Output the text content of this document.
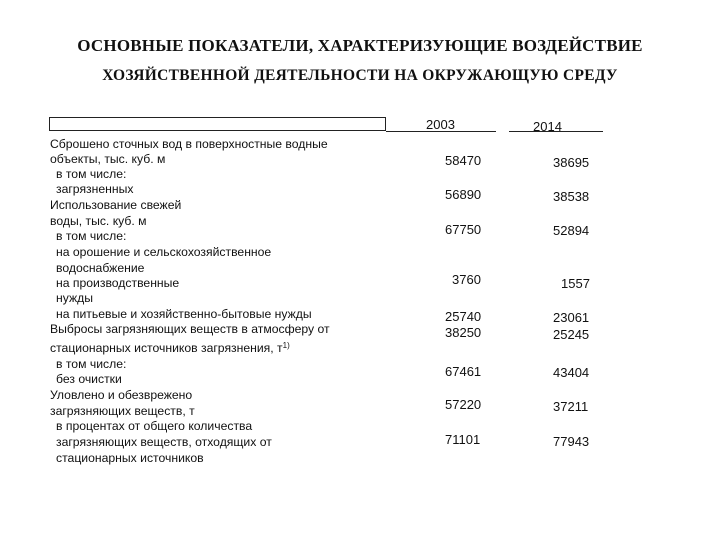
ОСНОВНЫЕ ПОКАЗАТЕЛИ, ХАРАКТЕРИЗУЮЩИЕ ВОЗДЕЙСТВИЕ
ХОЗЯЙСТВЕННОЙ ДЕЯТЕЛЬНОСТИ НА ОКРУЖАЮЩУЮ СРЕДУ
2003	2014
Сброшено сточных вод в поверхностные водные
объекты, тыс. куб. м
в том числе:
загрязненных
Использование свежей
воды, тыс. куб. м
в том числе:
на орошение и сельскохозяйственное
водоснабжение
на производственные
нужды
на питьевые и хозяйственно-бытовые нужды
Выбросы загрязняющих веществ в атмосферу от
стационарных источников загрязнения, $т^{1)}$
в том числе:
без очистки
Уловлено и обезврежено
загрязняющих веществ, т
в процентах от общего количества
загрязняющих веществ, отходящих от
стационарных источников
58470
56890
67750
3760
25740
38250
67461
57220
71101
38695
38538
52894
1557
23061
25245
43404
37211
77943
